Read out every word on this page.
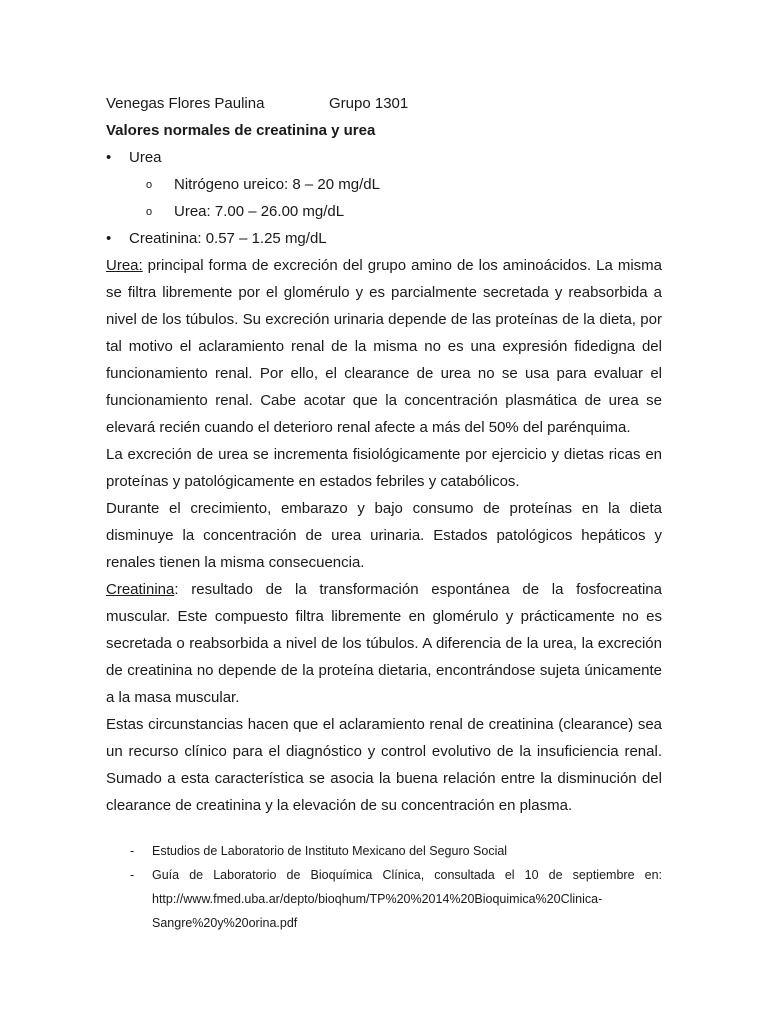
Venegas Flores Paulina	Grupo 1301
Valores normales de creatinina y urea
• Urea
o Nitrógeno ureico: 8 – 20 mg/dL
o Urea: 7.00 – 26.00 mg/dL
• Creatinina: 0.57 – 1.25 mg/dL

Urea: principal forma de excreción del grupo amino de los aminoácidos. La misma se filtra libremente por el glomérulo y es parcialmente secretada y reabsorbida a nivel de los túbulos. Su excreción urinaria depende de las proteínas de la dieta, por tal motivo el aclaramiento renal de la misma no es una expresión fidedigna del funcionamiento renal. Por ello, el clearance de urea no se usa para evaluar el funcionamiento renal. Cabe acotar que la concentración plasmática de urea se elevará recién cuando el deterioro renal afecte a más del 50% del parénquima.

La excreción de urea se incrementa fisiológicamente por ejercicio y dietas ricas en proteínas y patológicamente en estados febriles y catabólicos.

Durante el crecimiento, embarazo y bajo consumo de proteínas en la dieta disminuye la concentración de urea urinaria. Estados patológicos hepáticos y renales tienen la misma consecuencia.

Creatinina: resultado de la transformación espontánea de la fosfocreatina muscular. Este compuesto filtra libremente en glomérulo y prácticamente no es secretada o reabsorbida a nivel de los túbulos. A diferencia de la urea, la excreción de creatinina no depende de la proteína dietaria, encontrándose sujeta únicamente a la masa muscular.

Estas circunstancias hacen que el aclaramiento renal de creatinina (clearance) sea un recurso clínico para el diagnóstico y control evolutivo de la insuficiencia renal. Sumado a esta característica se asocia la buena relación entre la disminución del clearance de creatinina y la elevación de su concentración en plasma.

- Estudios de Laboratorio de Instituto Mexicano del Seguro Social
- Guía de Laboratorio de Bioquímica Clínica, consultada el 10 de septiembre en: http://www.fmed.uba.ar/depto/bioqhum/TP%20%2014%20Bioquimica%20Clinica-Sangre%20y%20orina.pdf
